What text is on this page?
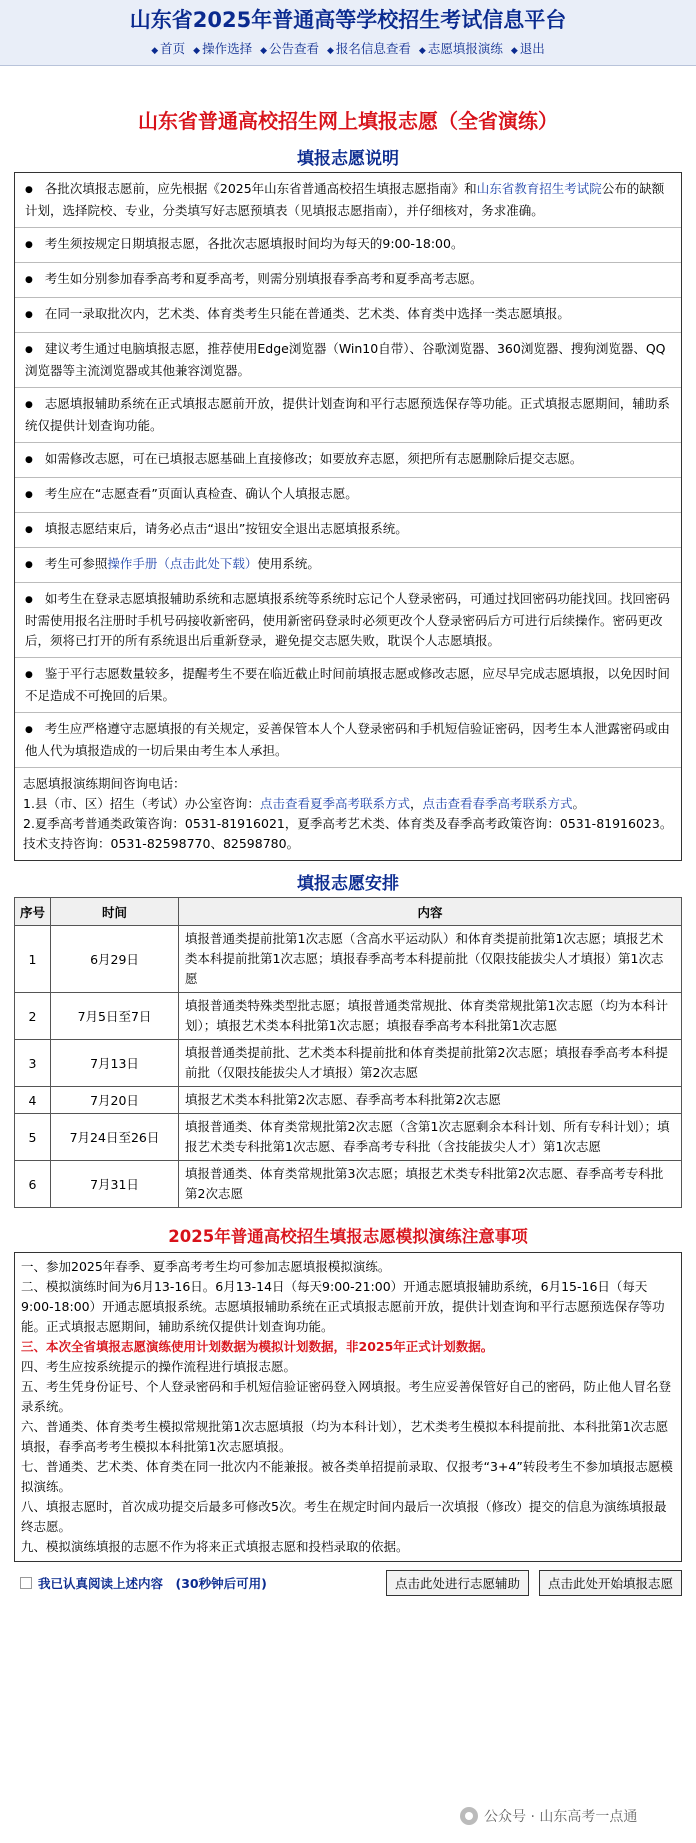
山东省2025年普通高等学校招生考试信息平台
◆ 首页 ◆ 操作选择 ◆ 公告查看 ◆ 报名信息查看 ◆ 志愿填报演练 ◆ 退出
山东省普通高校招生网上填报志愿（全省演练）
填报志愿说明
● 各批次填报志愿前，应先根据《2025年山东省普通高校招生填报志愿指南》和山东省教育招生考试院公布的缺额计划，选择院校、专业，分类填写好志愿预填表（见填报志愿指南），并仔细核对，务求准确。
● 考生须按规定日期填报志愿，各批次志愿填报时间均为每天的9:00-18:00。
● 考生如分别参加春季高考和夏季高考，则需分别填报春季高考和夏季高考志愿。
● 在同一录取批次内，艺术类、体育类考生只能在普通类、艺术类、体育类中选择一类志愿填报。
● 建议考生通过电脑填报志愿，推荐使用Edge浏览器（Win10自带）、谷歌浏览器、360浏览器、搜狗浏览器、QQ浏览器等主流浏览器或其他兼容浏览器。
● 志愿填报辅助系统在正式填报志愿前开放，提供计划查询和平行志愿预选保存等功能。正式填报志愿期间，辅助系统仅提供计划查询功能。
● 如需修改志愿，可在已填报志愿基础上直接修改；如要放弃志愿，须把所有志愿删除后提交志愿。
● 考生应在“志愿查看”页面认真检查、确认个人填报志愿。
● 填报志愿结束后，请务必点击“退出”按钮安全退出志愿填报系统。
● 考生可参照操作手册（点击此处下载）使用系统。
● 如考生在登录志愿填报辅助系统和志愿填报系统等系统时忘记个人登录密码，可通过找回密码功能找回。找回密码时需使用报名注册时手机号码接收新密码，使用新密码登录时必须更改个人登录密码后方可进行后续操作。密码更改后，须将已打开的所有系统退出后重新登录，避免提交志愿失败，耽误个人志愿填报。
● 鉴于平行志愿数量较多，提醒考生不要在临近截止时间前填报志愿或修改志愿，应尽早完成志愿填报，以免因时间不足造成不可挽回的后果。
● 考生应严格遵守志愿填报的有关规定，妥善保管本人个人登录密码和手机短信验证密码，因考生本人泄露密码或由他人代为填报造成的一切后果由考生本人承担。
志愿填报演练期间咨询电话：
1.县（市、区）招生（考试）办公室咨询：点击查看夏季高考联系方式，点击查看春季高考联系方式。
2.夏季高考普通类政策咨询：0531-81916021，夏季高考艺术类、体育类及春季高考政策咨询：0531-81916023。技术支持咨询：0531-82598770、82598780。
填报志愿安排
序号	时间	内容
1	6月29日	填报普通类提前批第1次志愿（含高水平运动队）和体育类提前批第1次志愿；填报艺术类本科提前批第1次志愿；填报春季高考本科提前批（仅限技能拔尖人才填报）第1次志愿
2	7月5日至7日	填报普通类特殊类型批志愿；填报普通类常规批、体育类常规批第1次志愿（均为本科计划）；填报艺术类本科批第1次志愿；填报春季高考本科批第1次志愿
3	7月13日	填报普通类提前批、艺术类本科提前批和体育类提前批第2次志愿；填报春季高考本科提前批（仅限技能拔尖人才填报）第2次志愿
4	7月20日	填报艺术类本科批第2次志愿、春季高考本科批第2次志愿
5	7月24日至26日	填报普通类、体育类常规批第2次志愿（含第1次志愿剩余本科计划、所有专科计划）；填报艺术类专科批第1次志愿、春季高考专科批（含技能拔尖人才）第1次志愿
6	7月31日	填报普通类、体育类常规批第3次志愿；填报艺术类专科批第2次志愿、春季高考专科批第2次志愿
2025年普通高校招生填报志愿模拟演练注意事项
一、参加2025年春季、夏季高考考生均可参加志愿填报模拟演练。
二、模拟演练时间为6月13-16日。6月13-14日（每天9:00-21:00）开通志愿填报辅助系统，6月15-16日（每天9:00-18:00）开通志愿填报系统。志愿填报辅助系统在正式填报志愿前开放，提供计划查询和平行志愿预选保存等功能。正式填报志愿期间，辅助系统仅提供计划查询功能。
三、本次全省填报志愿演练使用计划数据为模拟计划数据，非2025年正式计划数据。
四、考生应按系统提示的操作流程进行填报志愿。
五、考生凭身份证号、个人登录密码和手机短信验证密码登入网填报。考生应妥善保管好自己的密码，防止他人冒名登录系统。
六、普通类、体育类考生模拟常规批第1次志愿填报（均为本科计划），艺术类考生模拟本科提前批、本科批第1次志愿填报，春季高考考生模拟本科批第1次志愿填报。
七、普通类、艺术类、体育类在同一批次内不能兼报。被各类单招提前录取、仅报考“3+4”转段考生不参加填报志愿模拟演练。
八、填报志愿时，首次成功提交后最多可修改5次。考生在规定时间内最后一次填报（修改）提交的信息为演练填报最终志愿。
九、模拟演练填报的志愿不作为将来正式填报志愿和投档录取的依据。
我已认真阅读上述内容　(30秒钟后可用)	点击此处进行志愿辅助	点击此处开始填报志愿
公众号 · 山东高考一点通
